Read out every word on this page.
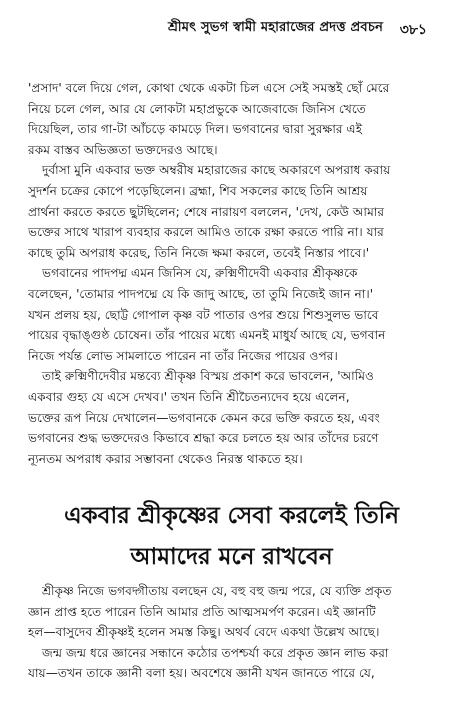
শ্রীমৎ সুভগ স্বামী মহারাজের প্রদত্ত প্রবচন ৩৮১
'প্রসাদ' বলে দিয়ে গেল, কোথা থেকে একটা চিল এসে সেই সমস্তই ছোঁ মেরে
নিয়ে চলে গেল, আর যে লোকটা মহাপ্রভুকে আজেবাজে জিনিস খেতে
দিয়েছিল, তার গা-টা আঁচড়ে কামড়ে দিল। ভগবানের দ্বারা সুরক্ষার এই
রকম বাস্তব অভিজ্ঞতা ভক্তদেরও আছে।
দুর্বাসা মুনি একবার ভক্ত অম্বরীষ মহারাজের কাছে অকারণে অপরাধ করায়
সুদর্শন চক্রের কোপে পড়েছিলেন। ব্রহ্মা, শিব সকলের কাছে তিনি আশ্রয়
প্রার্থনা করতে করতে ছুটছিলেন; শেষে নারায়ণ বললেন, 'দেখ, কেউ আমার
ভক্তের সাথে খারাপ ব্যবহার করলে আমিও তাকে রক্ষা করতে পারি না। যার
কাছে তুমি অপরাধ করেছ, তিনি নিজে ক্ষমা করলে, তবেই নিস্তার পাবে।'
ভগবানের পাদপদ্ম এমন জিনিস যে, রুক্মিণীদেবী একবার শ্রীকৃষ্ণকে
বলেছেন, 'তোমার পাদপদ্মে যে কি জাদু আছে, তা তুমি নিজেই জান না।'
যখন প্রলয় হয়, ছোট্ট গোপাল কৃষ্ণ বট পাতার ওপর শুয়ে শিশুসুলভ ভাবে
পায়ের বৃদ্ধাঙ্গুষ্ঠ চোষেন। তাঁর পায়ের মধ্যে এমনই মাধুর্য আছে যে, ভগবান
নিজে পর্যন্ত লোভ সামলাতে পারেন না তাঁর নিজের পায়ের ওপর।
তাই রুক্মিণীদেবীর মন্তব্যে শ্রীকৃষ্ণ বিস্ময় প্রকাশ করে ভাবলেন, 'আমিও
একবার গুহ্য যে এসে দেখব।' তখন তিনি শ্রীচৈতন্যদেব হয়ে এলেন,
ভক্তের রূপ নিয়ে দেখালেন—ভগবানকে কেমন করে ভক্তি করতে হয়, এবং
ভগবানের শুদ্ধ ভক্তদেরও কিভাবে শ্রদ্ধা করে চলতে হয় আর তাঁদের চরণে
ন্যূনতম অপরাধ করার সম্ভাবনা থেকেও নিরস্ত থাকতে হয়।
একবার শ্রীকৃষ্ণের সেবা করলেই তিনি
আমাদের মনে রাখবেন
শ্রীকৃষ্ণ নিজে ভগবদ্গীতায় বলছেন যে, বহু বহু জন্ম পরে, যে ব্যক্তি প্রকৃত
জ্ঞান প্রাপ্ত হতে পারেন তিনি আমার প্রতি আত্মসমর্পণ করেন। এই জ্ঞানটি
হল—বাসুদেব শ্রীকৃষ্ণই হলেন সমস্ত কিছু। অথর্ব বেদে একথা উল্লেখ আছে।
জন্ম জন্ম ধরে জ্ঞানের সন্ধানে কঠোর তপশ্চর্যা করে প্রকৃত জ্ঞান লাভ করা
যায়—তখন তাকে জ্ঞানী বলা হয়। অবশেষে জ্ঞানী যখন জানতে পারে যে,
